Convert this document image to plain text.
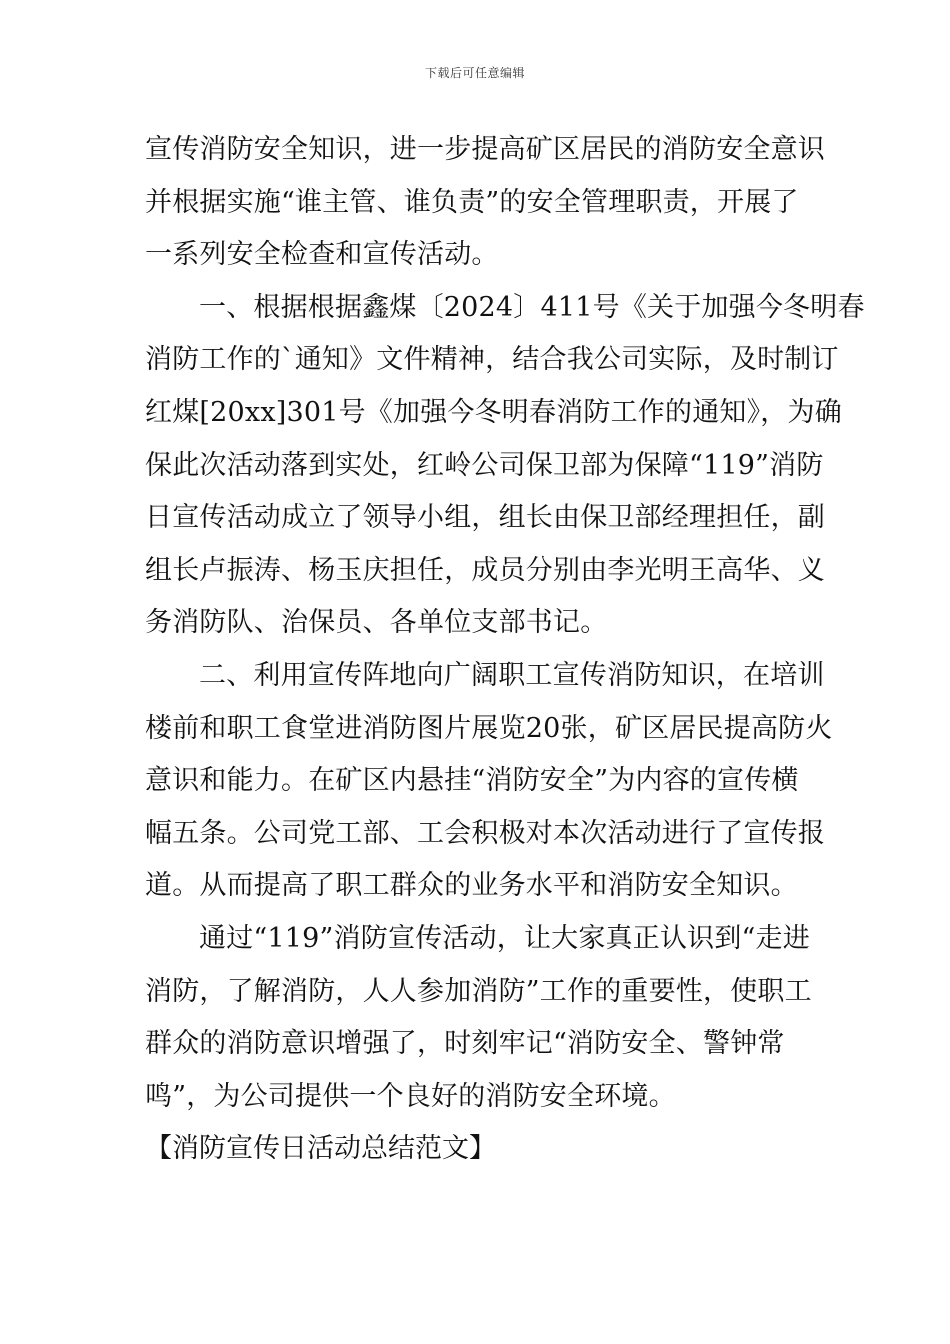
下载后可任意编辑
宣传消防安全知识，进一步提高矿区居民的消防安全意识
并根据实施“谁主管、谁负责”的安全管理职责，开展了
一系列安全检查和宣传活动。
一、根据根据鑫煤〔2024〕411号《关于加强今冬明春
消防工作的`通知》文件精神，结合我公司实际，及时制订
红煤[20xx]301号《加强今冬明春消防工作的通知》，为确
保此次活动落到实处，红岭公司保卫部为保障“119”消防
日宣传活动成立了领导小组，组长由保卫部经理担任，副
组长卢振涛、杨玉庆担任，成员分别由李光明王高华、义
务消防队、治保员、各单位支部书记。
二、利用宣传阵地向广阔职工宣传消防知识，在培训
楼前和职工食堂进消防图片展览20张，矿区居民提高防火
意识和能力。在矿区内悬挂“消防安全”为内容的宣传横
幅五条。公司党工部、工会积极对本次活动进行了宣传报
道。从而提高了职工群众的业务水平和消防安全知识。
通过“119”消防宣传活动，让大家真正认识到“走进
消防，了解消防，人人参加消防”工作的重要性，使职工
群众的消防意识增强了，时刻牢记“消防安全、警钟常
鸣”，为公司提供一个良好的消防安全环境。
【消防宣传日活动总结范文】
